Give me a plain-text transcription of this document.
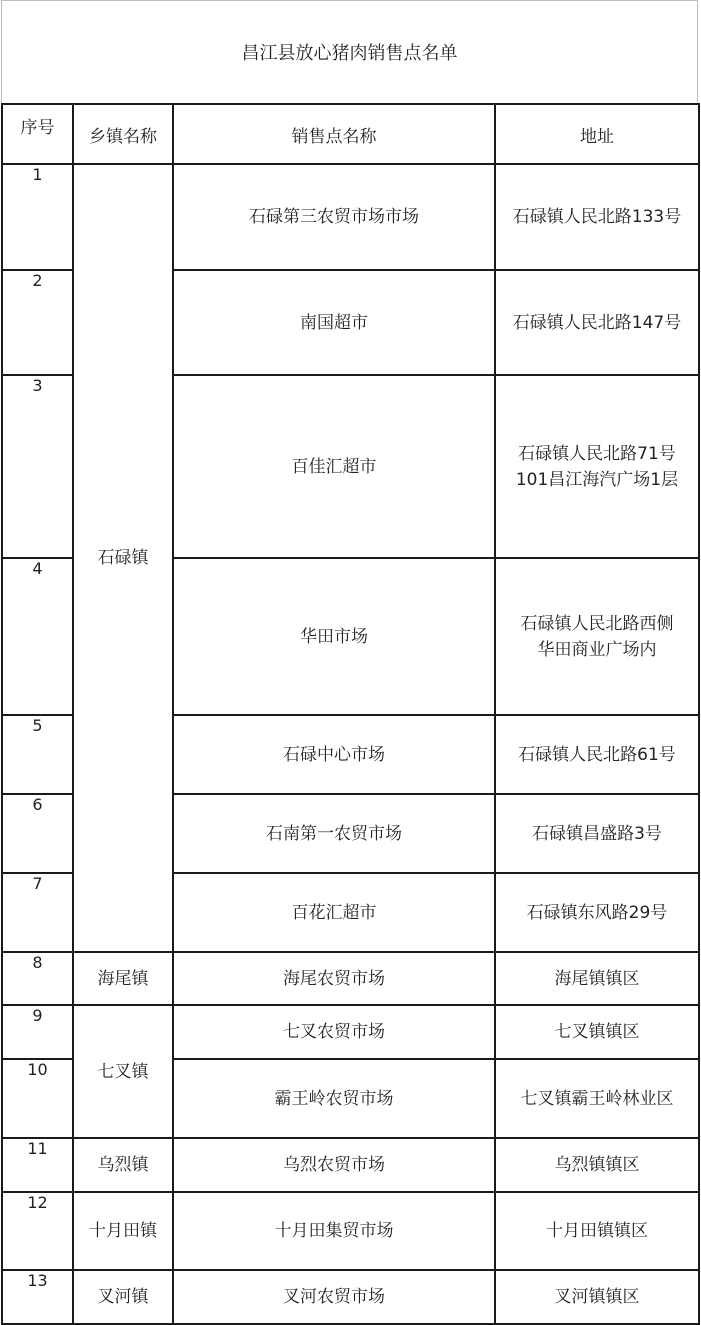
昌江县放心猪肉销售点名单
序号	乡镇名称	销售点名称	地址
1	石碌镇	石碌第三农贸市场市场	石碌镇人民北路133号

2		南国超市	石碌镇人民北路147号

3		百佳汇超市	石碌镇人民北路71号
101昌江海汽广场1层

4		华田市场	石碌镇人民北路西侧
华田商业广场内

5		石碌中心市场	石碌镇人民北路61号

6		石南第一农贸市场	石碌镇昌盛路3号

7		百花汇超市	石碌镇东风路29号

8	海尾镇	海尾农贸市场	海尾镇镇区

9	七叉镇	七叉农贸市场	七叉镇镇区

10		霸王岭农贸市场	七叉镇霸王岭林业区

11	乌烈镇	乌烈农贸市场	乌烈镇镇区

12	十月田镇	十月田集贸市场	十月田镇镇区

13	叉河镇	叉河农贸市场	叉河镇镇区
